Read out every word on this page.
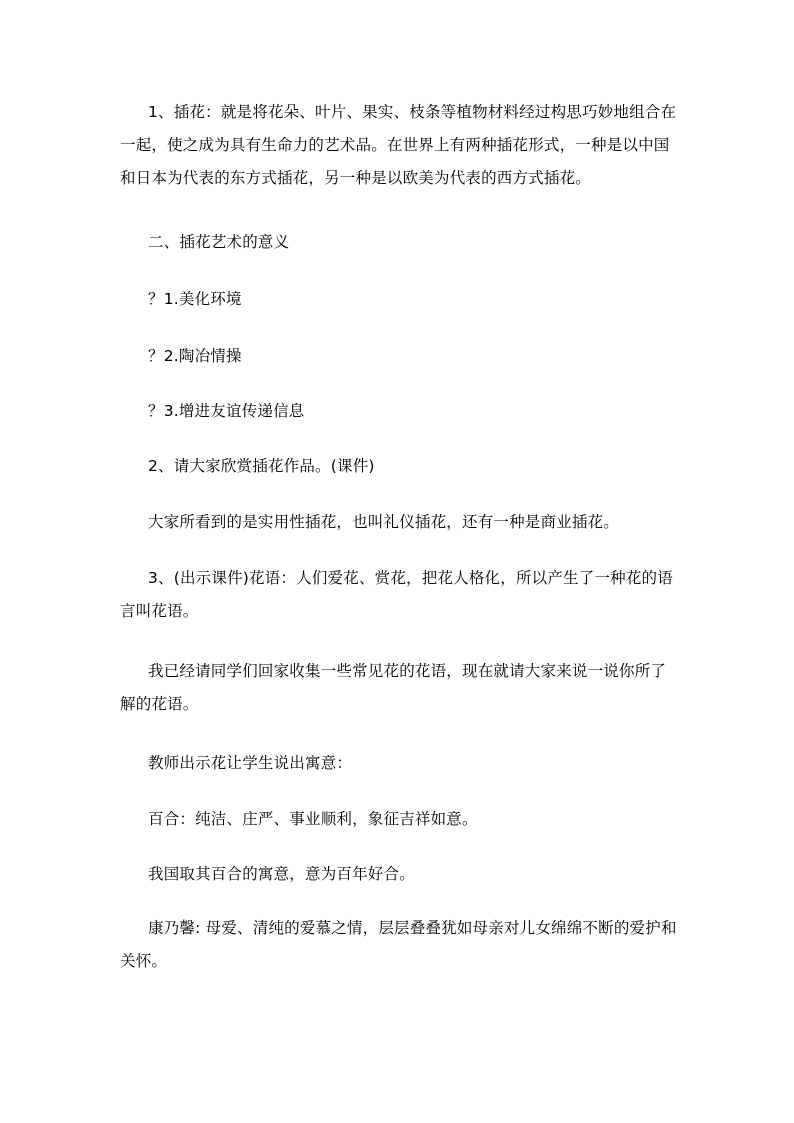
1、插花：就是将花朵、叶片、果实、枝条等植物材料经过构思巧妙地组合在一起，使之成为具有生命力的艺术品。在世界上有两种插花形式，一种是以中国和日本为代表的东方式插花，另一种是以欧美为代表的西方式插花。

二、插花艺术的意义

？1.美化环境

？2.陶冶情操

？3.增进友谊传递信息

2、请大家欣赏插花作品。(课件)

大家所看到的是实用性插花，也叫礼仪插花，还有一种是商业插花。

3、(出示课件)花语：人们爱花、赏花，把花人格化，所以产生了一种花的语言叫花语。

我已经请同学们回家收集一些常见花的花语，现在就请大家来说一说你所了解的花语。

教师出示花让学生说出寓意：

百合：纯洁、庄严、事业顺利，象征吉祥如意。

我国取其百合的寓意，意为百年好合。

康乃馨: 母爱、清纯的爱慕之情，层层叠叠犹如母亲对儿女绵绵不断的爱护和关怀。
